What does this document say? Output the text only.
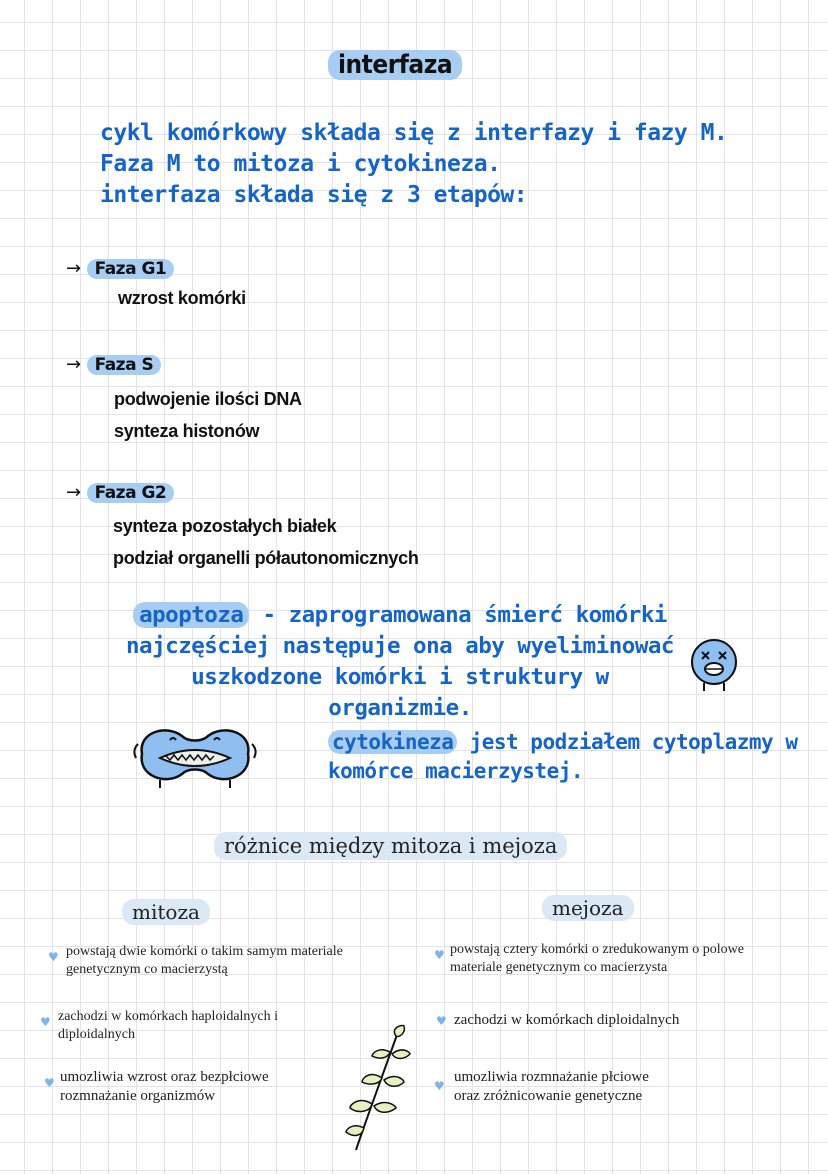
interfaza
cykl komórkowy składa się z interfazy i fazy M.
Faza M to mitoza i cytokineza.
interfaza składa się z 3 etapów:
→ Faza G1
wzrost komórki
→ Faza S
podwojenie ilości DNA
synteza histonów
→ Faza G2
synteza pozostałych białek
podział organelli półautonomicznych
apoptoza - zaprogramowana śmierć komórki
najczęściej następuje ona aby wyeliminować
uszkodzone komórki i struktury w organizmie.
cytokineza jest podziałem cytoplazmy w
komórce macierzystej.
różnice między mitoza i mejoza
mitoza	mejoza
♥ powstają dwie komórki o takim samym materiale
genetycznym co macierzystą
♥ zachodzi w komórkach haploidalnych i
diploidalnych
♥ umozliwia wzrost oraz bezpłciowe
rozmnażanie organizmów
♥ powstają cztery komórki o zredukowanym o polowe
materiale genetycznym co macierzysta
♥ zachodzi w komórkach diploidalnych
♥
umozliwia rozmnażanie płciowe
oraz zróżnicowanie genetyczne
